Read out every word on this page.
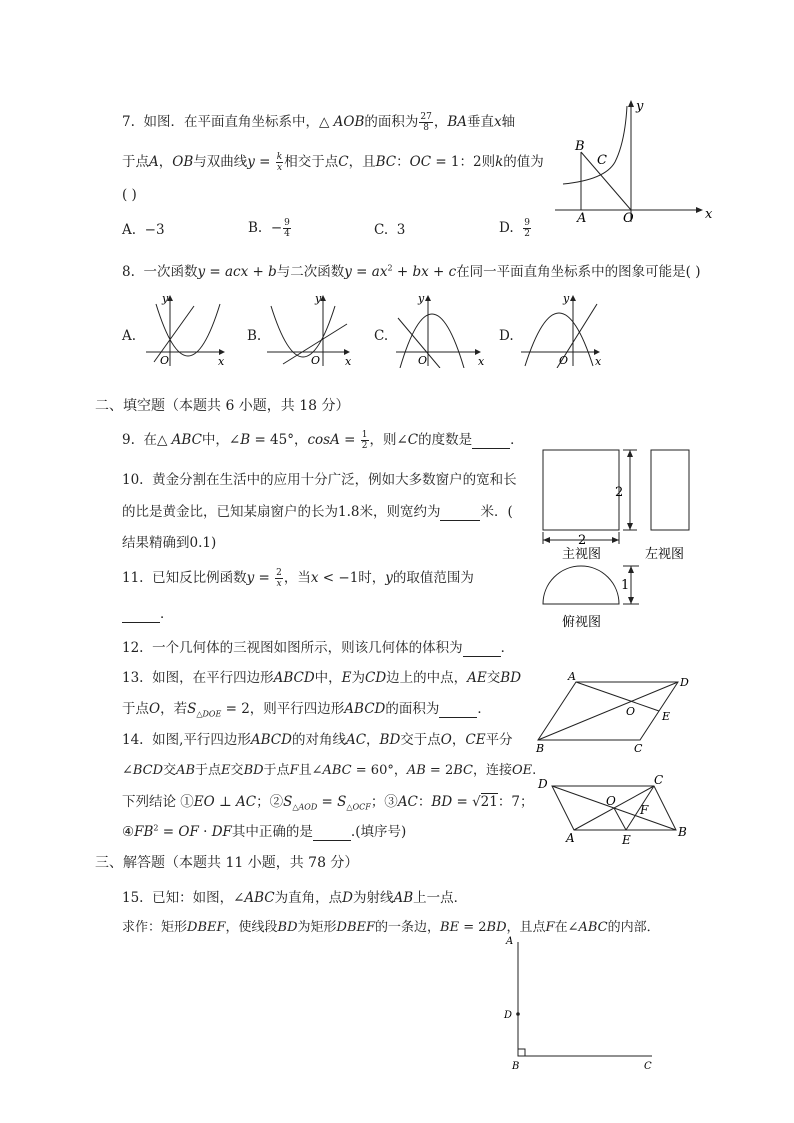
7. 如图．在平面直角坐标系中，△ AOB的面积为 $\frac{27}{8}$ ，BA垂直x轴
于点A，OB与双曲线$y = \frac{k}{x}$ 相交于点C，且BC：OC = 1：2则k的值为
( )
A. −3	B. − $\frac{9}{4}$	C. 3	D. $\frac{9}{2}$
y
x
B
C
A	O
8. 一次函数y = acx + b与二次函数$y = ax^2$ + bx + c在同一平面直角坐标系中的图象可能是( )
A.
y
x
O
B.
y
x
O
C.
y
x
O
D.
y
x
O
二、填空题（本题共 6 小题，共 18 分）
9. 在△ ABC中，∠B = 45°，$\cos A = \frac{1}{2}$ ，则∠C的度数是	．
10. 黄金分割在生活中的应用十分广泛，例如大多数窗户的宽和长
的比是黄金比，已知某扇窗户的长为1.8米，则宽约为	米．(
结果精确到0.1)
11. 已知反比例函数$y = \frac{2}{x}$ ，当x < −1时，y的取值范围为
．
12. 一个几何体的三视图如图所示，则该几何体的体积为	．
2
2
主视图	左视图
1
俯视图
13. 如图，在平行四边形ABCD中，E为CD边上的中点，AE交BD
于点O，若$S_{\triangle DOE} = 2$，则平行四边形ABCD的面积为	．
A	D
O E
B	C
14. 如图,平行四边形ABCD的对角线AC，BD交于点O，CE平分
∠BCD交AB于点E交BD于点F且∠ABC = 60°，AB = 2BC，连接OE.
下列结论 ①EO ⊥ AC；$②S_{\triangle AOD} = S_{\triangle OCF}$；③AC：BD = √21：7；
$④FB^2$ = OF · DF其中正确的是	.(填序号)
D	C
O
F
A	E
B
三、解答题（本题共 11 小题，共 78 分）
15. 已知：如图，∠ABC为直角，点D为射线AB上一点．
求作：矩形DBEF，使线段BD为矩形DBEF的一条边，BE = 2BD，且点F在∠ABC的内部．
A
D
B	C
